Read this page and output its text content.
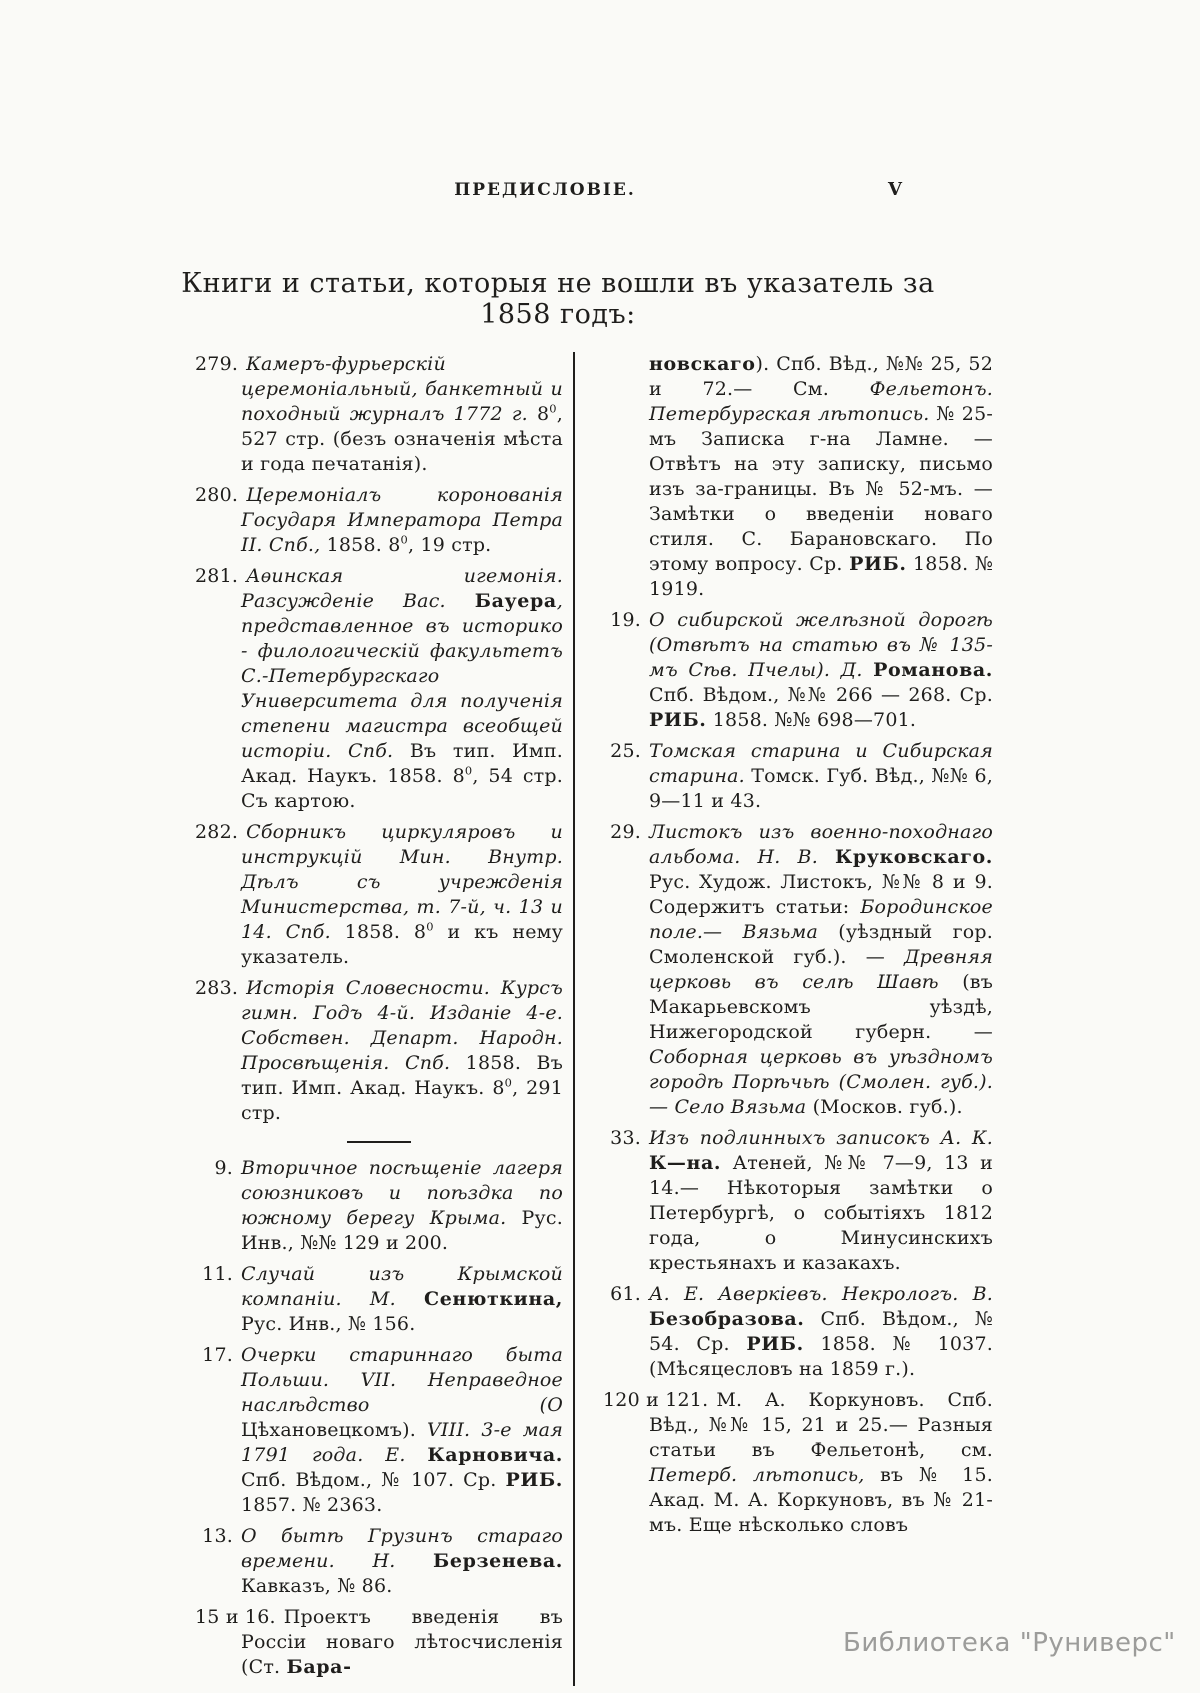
ПРЕДИСЛОВІЕ.	V
Книги и статьи, которыя не вошли въ указатель за 1858 годъ:
279. Камеръ-фурьерскій церемоніальный, банкетный и походный журналъ 1772 г. $8^0$, 527 стр. (безъ означенія мѣста и года печатанія).
280. Церемоніалъ коронованія Государя Императора Петра II. Спб., 1858. $8^0$, 19 стр.
281. Аѳинская игемонія. Разсужденіе Вас. Бауера, представленное въ историко - филологическій факультетъ С.-Петербургскаго Университета для полученія степени магистра всеобщей исторіи. Спб. Въ тип. Имп. Акад. Наукъ. 1858. $8^0$, 54 стр. Съ картою.
282. Сборникъ циркуляровъ и инструкцій Мин. Внутр. Дѣлъ съ учрежденія Министерства, т. 7-й, ч. 13 и 14. Спб. 1858. $8^0$ и къ нему указатель.
283. Исторія Словесности. Курсъ гимн. Годъ 4-й. Изданіе 4-е. Собствен. Департ. Народн. Просвѣщенія. Спб. 1858. Въ тип. Имп. Акад. Наукъ. $8^0$, 291 стр.
9. Вторичное посѣщеніе лагеря союзниковъ и поѣздка по южному берегу Крыма. Рус. Инв., №№ 129 и 200.
11. Случай изъ Крымской компаніи. М. Сенюткина, Рус. Инв., № 156.
17. Очерки стариннаго быта Польши. VII. Неправедное наслѣдство (О Цѣхановецкомъ). VIII. 3-е мая 1791 года. Е. Карновича. Спб. Вѣдом., № 107. Ср. РИБ. 1857. № 2363.
13. О бытѣ Грузинъ стараго времени. Н. Берзенева. Кавказъ, № 86.
15 и 16. Проектъ введенія въ Россіи новаго лѣтосчисленія (Ст. Бара-
новскаго). Спб. Вѣд., №№ 25, 52 и 72.— См. Фельетонъ. Петербургская лѣтопись. № 25-мъ Записка г-на Ламне. — Отвѣтъ на эту записку, письмо изъ за-границы. Въ № 52-мъ. — Замѣтки о введеніи новаго стиля. С. Барановскаго. По этому вопросу. Ср. РИБ. 1858. № 1919.
19. О сибирской желѣзной дорогѣ (Отвѣтъ на статью въ № 135-мъ Сѣв. Пчелы). Д. Романова. Спб. Вѣдом., №№ 266 — 268. Ср. РИБ. 1858. №№ 698—701.
25. Томская старина и Сибирская старина. Томск. Губ. Вѣд., №№ 6, 9—11 и 43.
29. Листокъ изъ военно-походнаго альбома. Н. В. Круковскаго. Рус. Худож. Листокъ, №№ 8 и 9. Содержитъ статьи: Бородинское поле.— Вязьма (уѣздный гор. Смоленской губ.). — Древняя церковь въ селѣ Шавѣ (въ Макарьевскомъ уѣздѣ, Нижегородской губерн. — Соборная церковь въ уѣздномъ городѣ Порѣчьѣ (Смолен. губ.).— Село Вязьма (Москов. губ.).
33. Изъ подлинныхъ записокъ А. К. К—на. Атеней, №№ 7—9, 13 и 14.— Нѣкоторыя замѣтки о Петербургѣ, о событіяхъ 1812 года, о Минусинскихъ крестьянахъ и казакахъ.
61. А. Е. Аверкіевъ. Некрологъ. В. Безобразова. Спб. Вѣдом., № 54. Ср. РИБ. 1858. № 1037. (Мѣсяцесловъ на 1859 г.).
120 и 121. М. А. Коркуновъ. Спб. Вѣд., №№ 15, 21 и 25.— Разныя статьи въ Фельетонѣ, см. Петерб. лѣтопись, въ № 15. Акад. М. А. Коркуновъ, въ № 21-мъ. Еще нѣсколько словъ
Библиотека "Руниверс"
